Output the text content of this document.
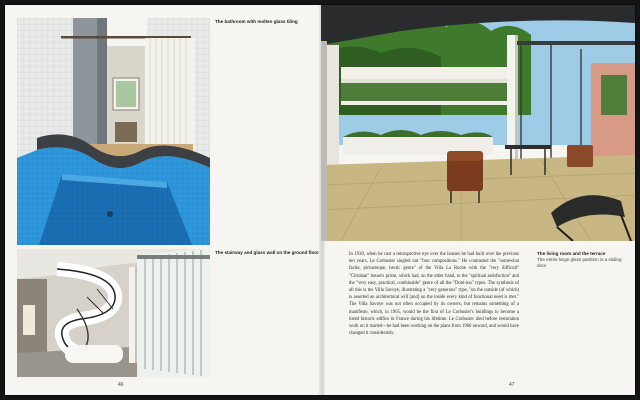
The bathroom with molten glass tiling
The stairway and glass wall on the ground floor
46
The living room and the terrace
The entire large glass partition is a sliding door

In 1930, when he cast a retrospective eye over the houses he had built over the previous ten years, Le Corbusier singled out "four compositions." He contrasted the "somewhat facile, picturesque, hectic genre" of the Villa La Roche with the "very difficult" "Citrohan" house's prism, which had, on the other hand, to the "spiritual satisfaction" and the "very easy, practical, combinable" genre of all the "Dom-ino" types. The synthesis of all this is the Villa Savoye, illustrating a "very generous" type, "on the outside (of which) is asserted an architectural will [and] on the inside every kind of functional need is met." The Villa Savoye was not often occupied by its owners, but remains something of a manifesto, which, in 1965, would be the first of Le Corbusier's buildings to become a listed historic edifice in France during his lifetime. Le Corbusier died before restoration work on it started—he had been working on the plans from 1960 onward, and would have changed it considerably.

47
